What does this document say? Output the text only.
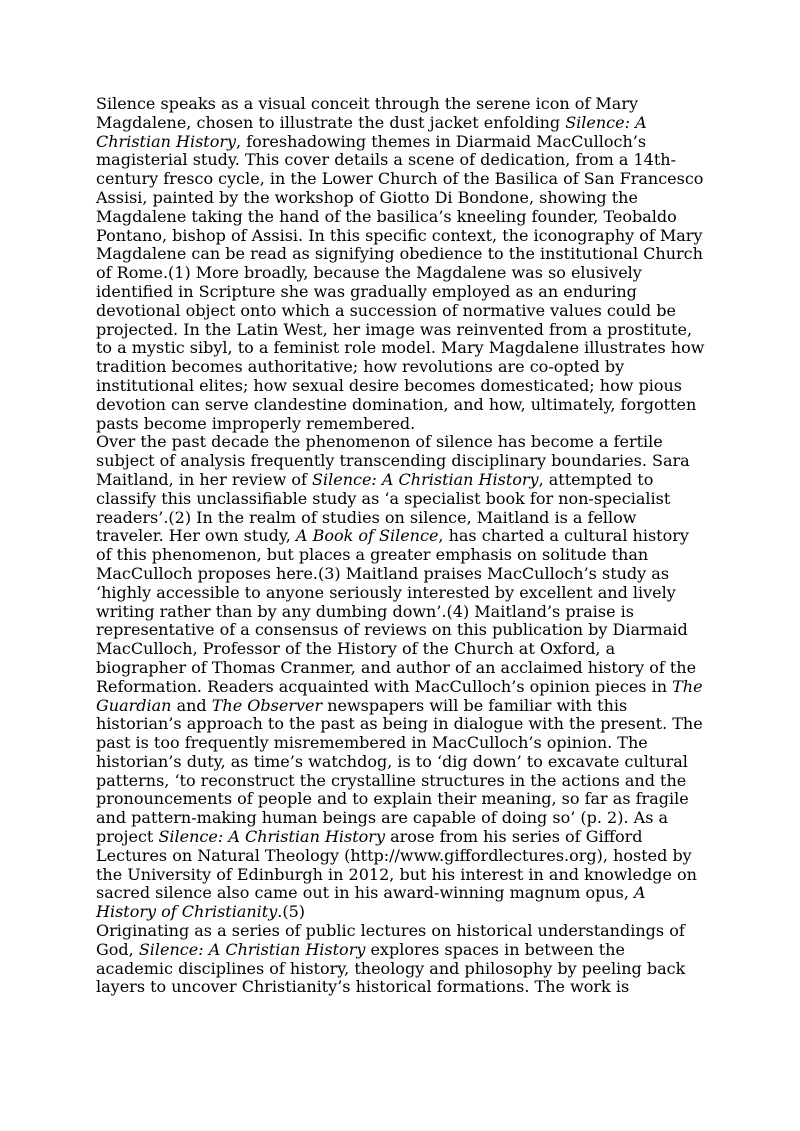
Silence speaks as a visual conceit through the serene icon of Mary Magdalene, chosen to illustrate the dust jacket enfolding Silence: A Christian History, foreshadowing themes in Diarmaid MacCulloch’s magisterial study. This cover details a scene of dedication, from a 14th-century fresco cycle, in the Lower Church of the Basilica of San Francesco Assisi, painted by the workshop of Giotto Di Bondone, showing the Magdalene taking the hand of the basilica’s kneeling founder, Teobaldo Pontano, bishop of Assisi. In this specific context, the iconography of Mary Magdalene can be read as signifying obedience to the institutional Church of Rome.(1) More broadly, because the Magdalene was so elusively identified in Scripture she was gradually employed as an enduring devotional object onto which a succession of normative values could be projected. In the Latin West, her image was reinvented from a prostitute, to a mystic sibyl, to a feminist role model. Mary Magdalene illustrates how tradition becomes authoritative; how revolutions are co-opted by institutional elites; how sexual desire becomes domesticated; how pious devotion can serve clandestine domination, and how, ultimately, forgotten pasts become improperly remembered.

Over the past decade the phenomenon of silence has become a fertile subject of analysis frequently transcending disciplinary boundaries. Sara Maitland, in her review of Silence: A Christian History, attempted to classify this unclassifiable study as ‘a specialist book for non-specialist readers’.(2) In the realm of studies on silence, Maitland is a fellow traveler. Her own study, A Book of Silence, has charted a cultural history of this phenomenon, but places a greater emphasis on solitude than MacCulloch proposes here.(3) Maitland praises MacCulloch’s study as ‘highly accessible to anyone seriously interested by excellent and lively writing rather than by any dumbing down’.(4) Maitland’s praise is representative of a consensus of reviews on this publication by Diarmaid MacCulloch, Professor of the History of the Church at Oxford, a biographer of Thomas Cranmer, and author of an acclaimed history of the Reformation. Readers acquainted with MacCulloch’s opinion pieces in The Guardian and The Observer newspapers will be familiar with this historian’s approach to the past as being in dialogue with the present. The past is too frequently misremembered in MacCulloch’s opinion. The historian’s duty, as time’s watchdog, is to ‘dig down’ to excavate cultural patterns, ‘to reconstruct the crystalline structures in the actions and the pronouncements of people and to explain their meaning, so far as fragile and pattern-making human beings are capable of doing so’ (p. 2). As a project Silence: A Christian History arose from his series of Gifford Lectures on Natural Theology (http://www.giffordlectures.org), hosted by the University of Edinburgh in 2012, but his interest in and knowledge on sacred silence also came out in his award-winning magnum opus, A History of Christianity.(5)

Originating as a series of public lectures on historical understandings of God, Silence: A Christian History explores spaces in between the academic disciplines of history, theology and philosophy by peeling back layers to uncover Christianity’s historical formations. The work is
